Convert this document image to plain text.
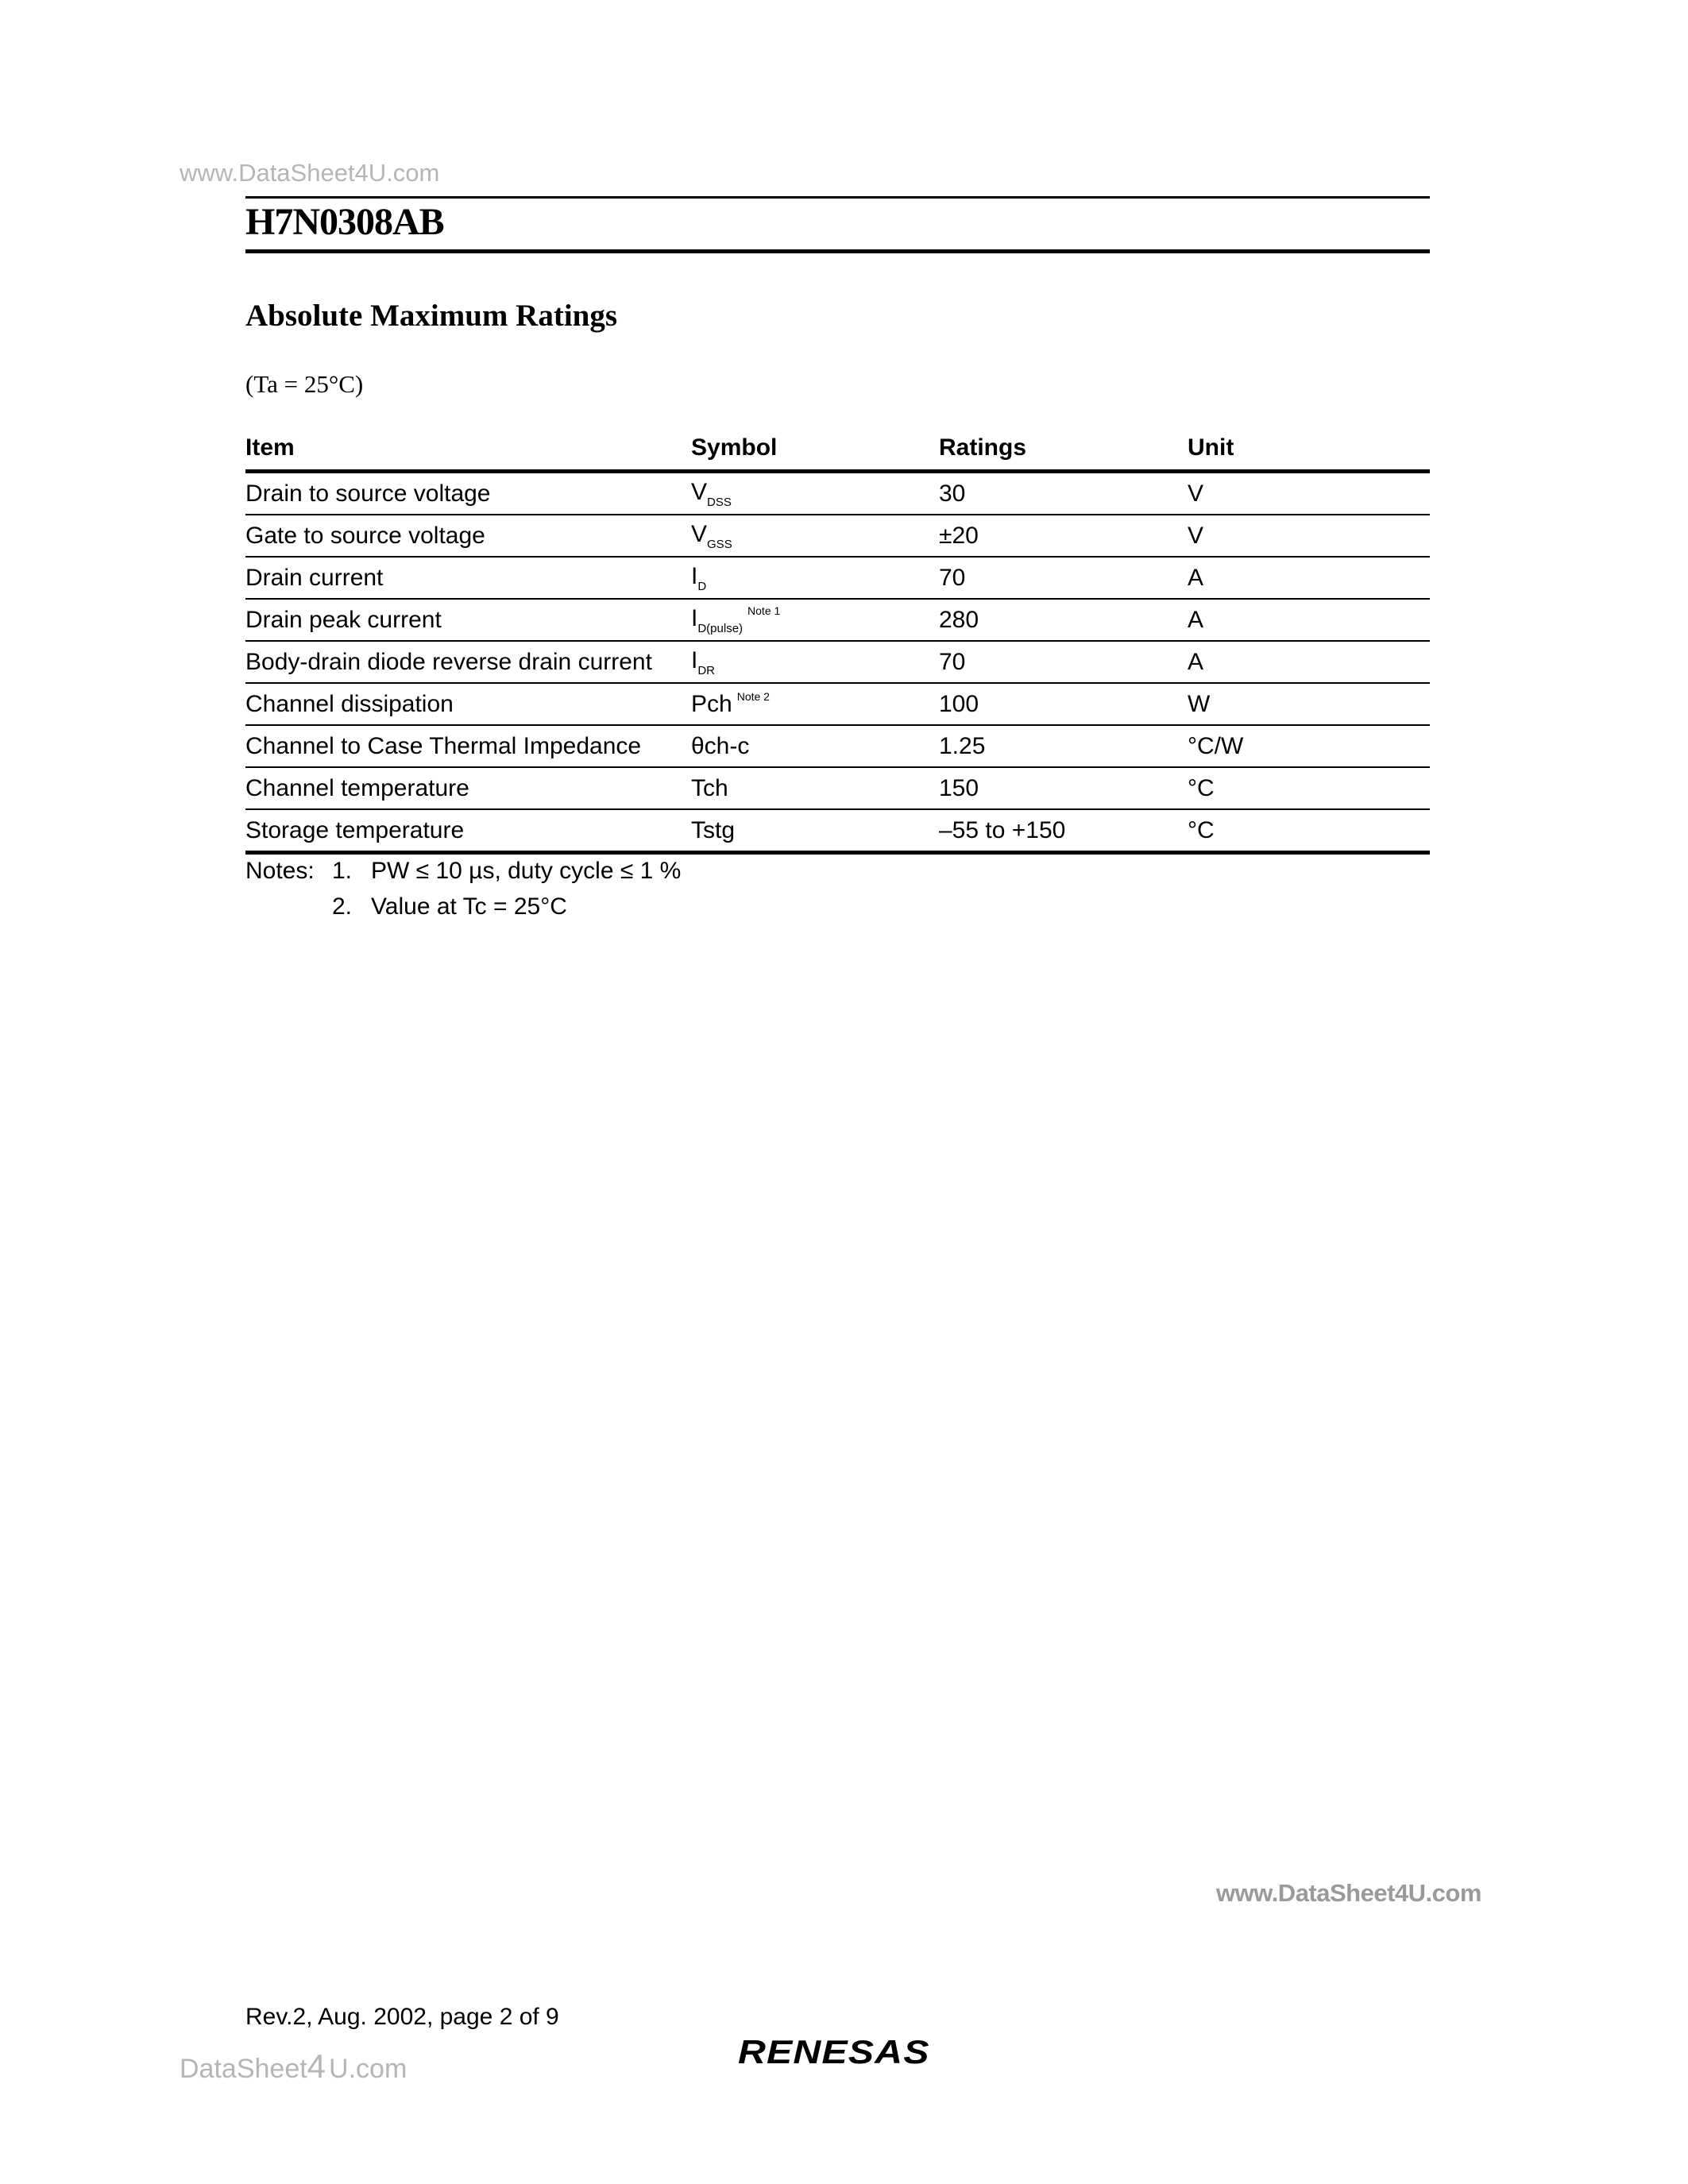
www.DataSheet4U.com
H7N0308AB
Absolute Maximum Ratings
(Ta = 25°C)
Item	Symbol	Ratings	Unit
Drain to source voltage	$V_{DSS}$	30	V
Gate to source voltage	$V_{GSS}$	±20	V
Drain current	$I_D$	70	A
Drain peak current	$I_{D(pulse)}^{Note 1}$	280	A
Body-drain diode reverse drain current	$I_{DR}$	70	A
Channel dissipation	Pch $^{Note 2}$	100	W
Channel to Case Thermal Impedance	θch-c	1.25	°C/W
Channel temperature	Tch	150	°C
Storage temperature	Tstg	–55 to +150	°C
Notes: 1. PW ≤ 10 µs, duty cycle ≤ 1 %
2. Value at Tc = 25°C
www.DataSheet4U.com
Rev.2, Aug. 2002, page 2 of 9
DataSheet4 U.com	RENESAS
